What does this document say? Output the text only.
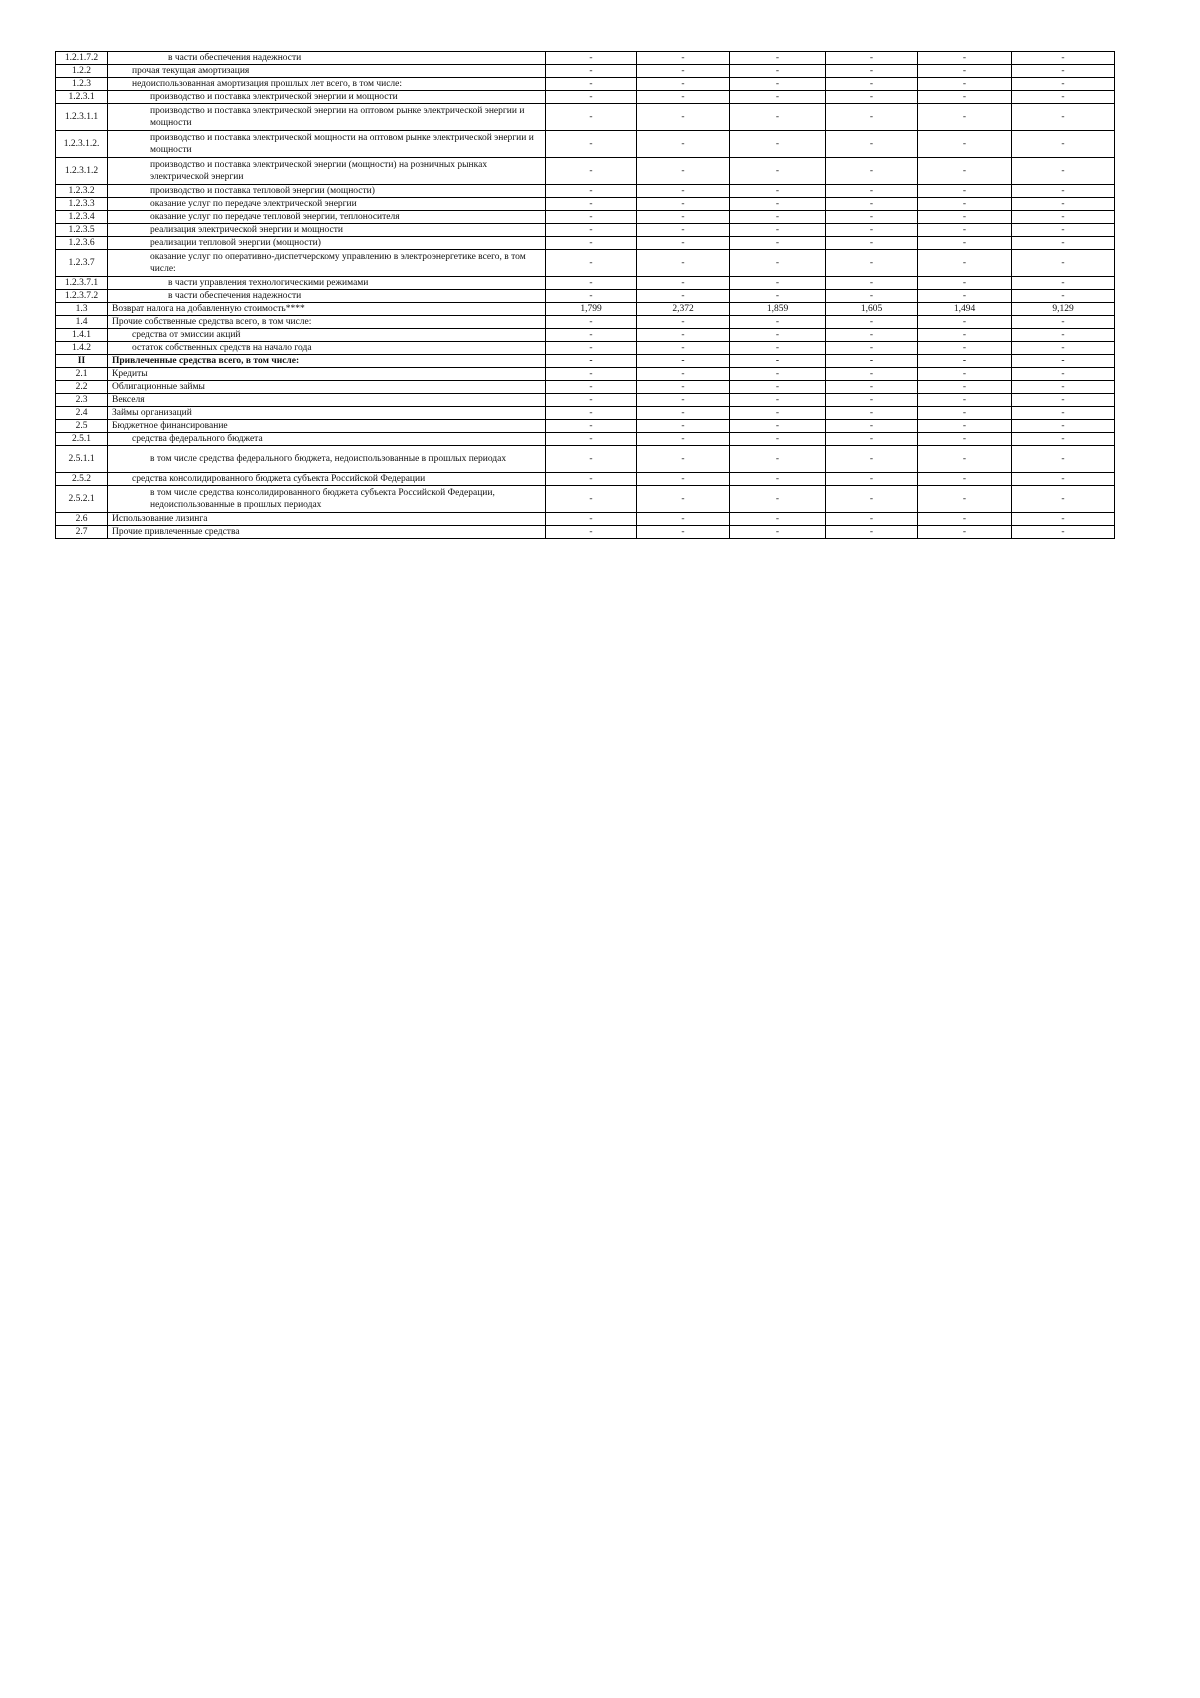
1.2.1.7.2	в части обеспечения надежности	-	-	-	-	-	-
1.2.2	прочая текущая амортизация	-	-	-	-	-	-
1.2.3	недоиспользованная амортизация прошлых лет всего, в том числе:	-	-	-	-	-	-
1.2.3.1	производство и поставка электрической энергии и мощности	-	-	-	-	-	-
1.2.3.1.1	производство и поставка электрической энергии на оптовом рынке электрической энергии и мощности	-	-	-	-	-	-
1.2.3.1.2.	производство и поставка электрической мощности на оптовом рынке электрической энергии и мощности	-	-	-	-	-	-
1.2.3.1.2	производство и поставка электрической энергии (мощности) на розничных рынках электрической энергии	-	-	-	-	-	-
1.2.3.2	производство и поставка тепловой энергии (мощности)	-	-	-	-	-	-
1.2.3.3	оказание услуг по передаче электрической энергии	-	-	-	-	-	-
1.2.3.4	оказание услуг по передаче тепловой энергии, теплоносителя	-	-	-	-	-	-
1.2.3.5	реализация электрической энергии и мощности	-	-	-	-	-	-
1.2.3.6	реализации тепловой энергии (мощности)	-	-	-	-	-	-
1.2.3.7	оказание услуг по оперативно-диспетчерскому управлению в электроэнергетике всего, в том числе:	-	-	-	-	-	-
1.2.3.7.1	в части управления технологическими режимами	-	-	-	-	-	-
1.2.3.7.2	в части обеспечения надежности	-	-	-	-	-	-
1.3	Возврат налога на добавленную стоимость****	1,799	2,372	1,859	1,605	1,494	9,129
1.4	Прочие собственные средства всего, в том числе:	-	-	-	-	-	-
1.4.1	средства от эмиссии акций	-	-	-	-	-	-
1.4.2	остаток собственных средств на начало года	-	-	-	-	-	-
II	Привлеченные средства всего, в том числе:	-	-	-	-	-	-
2.1	Кредиты	-	-	-	-	-	-
2.2	Облигационные займы	-	-	-	-	-	-
2.3	Векселя	-	-	-	-	-	-
2.4	Займы организаций	-	-	-	-	-	-
2.5	Бюджетное финансирование	-	-	-	-	-	-
2.5.1	средства федерального бюджета	-	-	-	-	-	-
2.5.1.1	в том числе средства федерального бюджета, недоиспользованные в прошлых периодах	-	-	-	-	-	-
2.5.2	средства консолидированного бюджета субъекта Российской Федерации	-	-	-	-	-	-
2.5.2.1	в том числе средства консолидированного бюджета субъекта Российской Федерации, недоиспользованные в прошлых периодах	-	-	-	-	-	-
2.6	Использование лизинга	-	-	-	-	-	-
2.7	Прочие привлеченные средства	-	-	-	-	-	-
